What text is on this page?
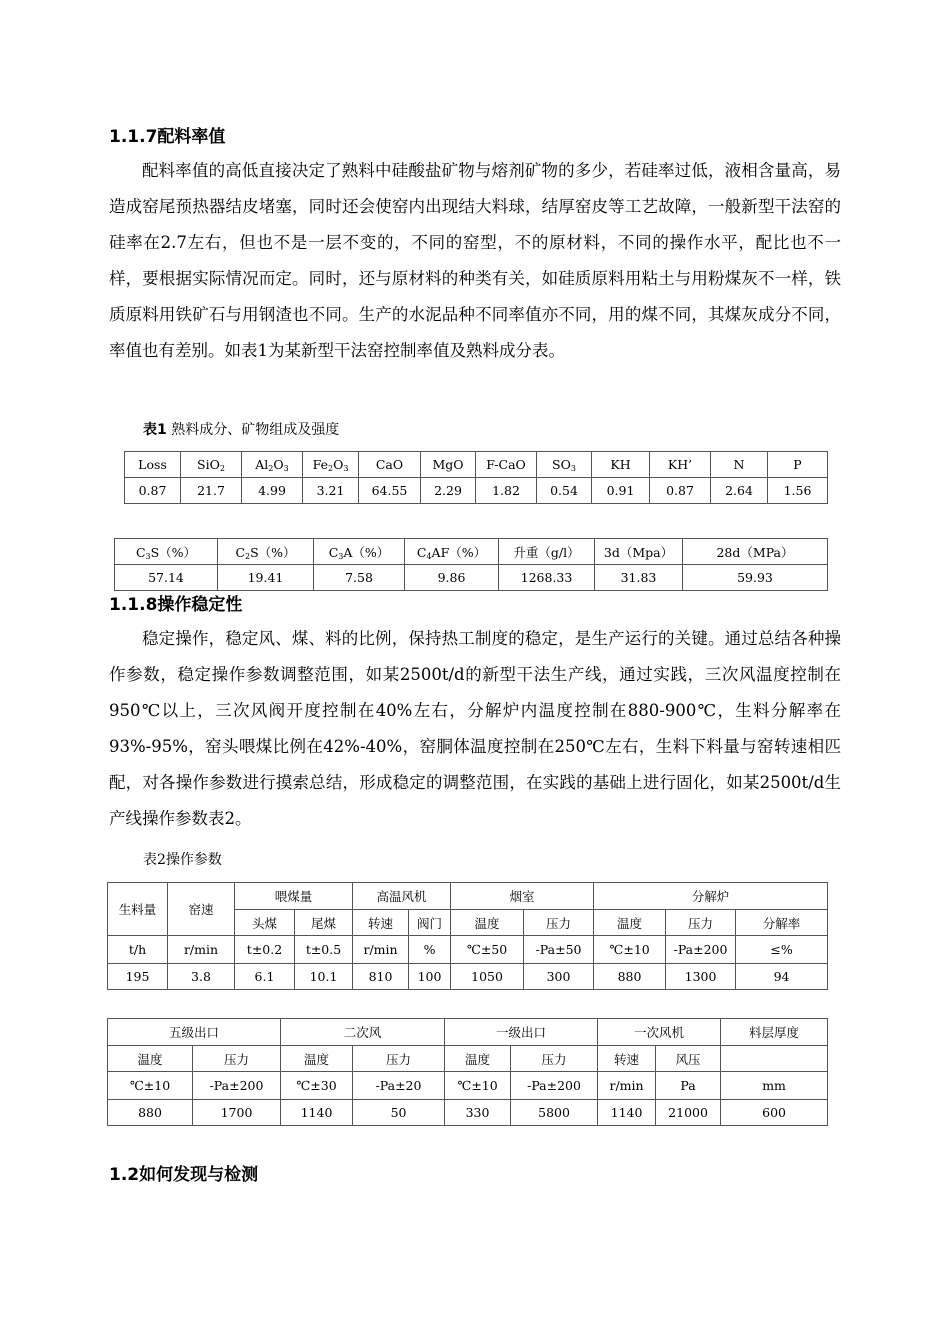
1.1.7配料率值

配料率值的高低直接决定了熟料中硅酸盐矿物与熔剂矿物的多少，若硅率过低，液相含量高，易造成窑尾预热器结皮堵塞，同时还会使窑内出现结大料球，结厚窑皮等工艺故障，一般新型干法窑的硅率在2.7左右，但也不是一层不变的，不同的窑型，不的原材料，不同的操作水平，配比也不一样，要根据实际情况而定。同时，还与原材料的种类有关，如硅质原料用粘土与用粉煤灰不一样，铁质原料用铁矿石与用钢渣也不同。生产的水泥品种不同率值亦不同，用的煤不同，其煤灰成分不同，率值也有差别。如表1为某新型干法窑控制率值及熟料成分表。

表1 熟料成分、矿物组成及强度
Loss	SiO$_2$	$Al_2O_3$	$Fe_2O_3$	CaO	MgO	F-CaO	$SO_3$	KH	KH’	N	P
0.87	21.7	4.99	3.21	64.55	2.29	1.82	0.54	0.91	0.87	2.64	1.56
$C_3S(\%)$	$C_2S(\%)$	$C_3A(\%)$	$C_4AF(\%)$	升重（g/l）	3d（Mpa）	28d（MPa）
57.14	19.41	7.58	9.86	1268.33	31.83	59.93
1.1.8操作稳定性

稳定操作，稳定风、煤、料的比例，保持热工制度的稳定，是生产运行的关键。通过总结各种操作参数，稳定操作参数调整范围，如某2500t/d的新型干法生产线，通过实践，三次风温度控制在950℃以上，三次风阀开度控制在40%左右，分解炉内温度控制在880-900℃，生料分解率在93%-95%，窑头喂煤比例在42%-40%，窑胴体温度控制在250℃左右，生料下料量与窑转速相匹配，对各操作参数进行摸索总结，形成稳定的调整范围，在实践的基础上进行固化，如某2500t/d生产线操作参数表2。

表2操作参数
生料量	窑速	喂煤量		高温风机		烟室		分解炉		
		头煤	尾煤	转速	阀门	温度	压力	温度	压力	分解率
t/h	r/min	t±0.2	t±0.5	r/min	%	℃±50	-Pa±50	℃±10	-Pa±200	≤%
195	3.8	6.1	10.1	810	100	1050	300	880	1300	94
五级出口		二次风		一级出口		一次风机		料层厚度
温度	压力	温度	压力	温度	压力	转速	风压	
℃±10	-Pa±200	℃±30	-Pa±20	℃±10	-Pa±200	r/min	Pa	mm
880	1700	1140	50	330	5800	1140	21000	600
1.2如何发现与检测
